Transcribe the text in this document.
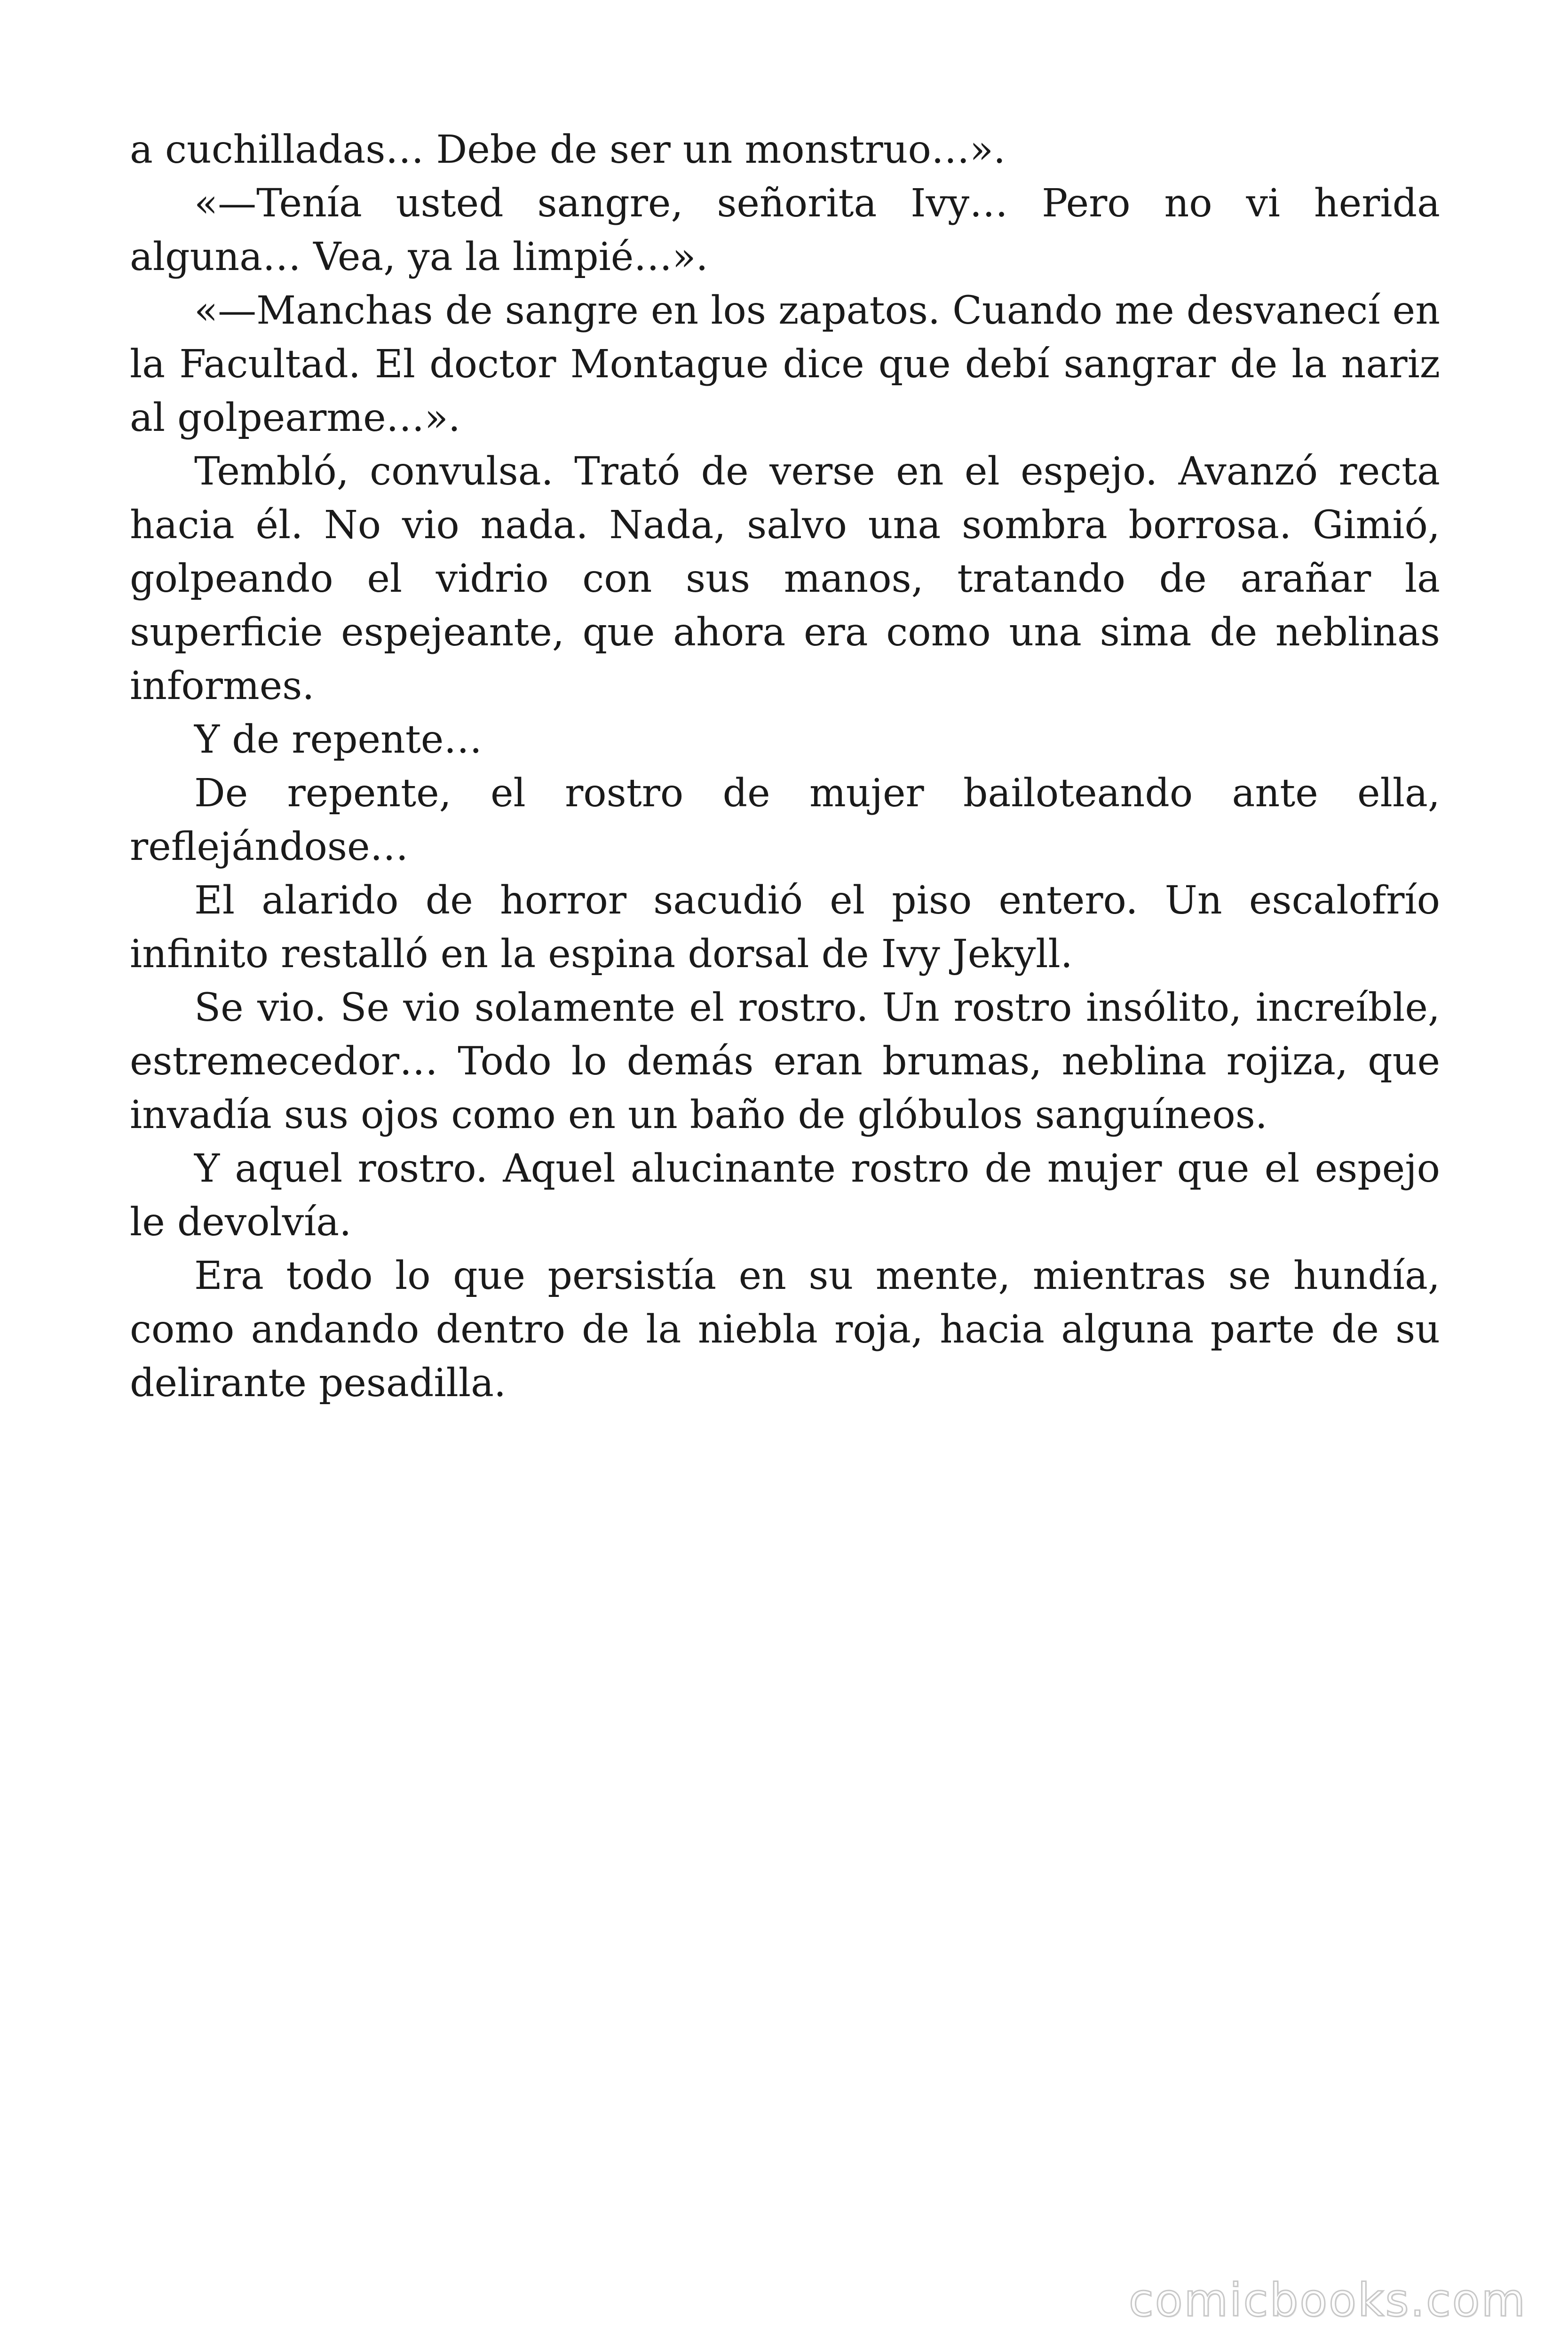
a cuchilladas… Debe de ser un monstruo…».

«—Tenía usted sangre, señorita Ivy… Pero no vi herida alguna… Vea, ya la limpié…».

«—Manchas de sangre en los zapatos. Cuando me desvanecí en la Facultad. El doctor Montague dice que debí sangrar de la nariz al golpearme…».

Tembló, convulsa. Trató de verse en el espejo. Avanzó recta hacia él. No vio nada. Nada, salvo una sombra borrosa. Gimió, golpeando el vidrio con sus manos, tratando de arañar la superficie espejeante, que ahora era como una sima de neblinas informes.

Y de repente…

De repente, el rostro de mujer bailoteando ante ella, reflejándose…

El alarido de horror sacudió el piso entero. Un escalofrío infinito restalló en la espina dorsal de Ivy Jekyll.

Se vio. Se vio solamente el rostro. Un rostro insólito, increíble, estremecedor… Todo lo demás eran brumas, neblina rojiza, que invadía sus ojos como en un baño de glóbulos sanguíneos.

Y aquel rostro. Aquel alucinante rostro de mujer que el espejo le devolvía.

Era todo lo que persistía en su mente, mientras se hundía, como andando dentro de la niebla roja, hacia alguna parte de su delirante pesadilla.

comicbooks.com
